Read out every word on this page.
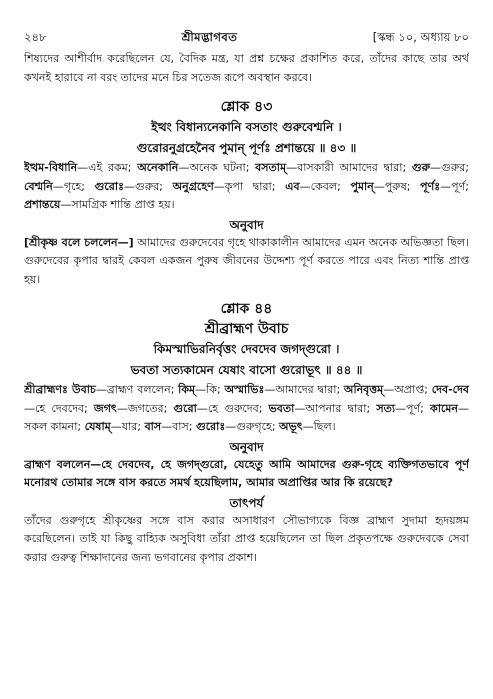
২৪৮	শ্রীমদ্ভাগবত	[স্কন্ধ ১০, অধ্যায় ৮০

শিষ্যদের আশীর্বাদ করেছিলেন যে, বৈদিক মন্ত্র, যা প্রশ্ন চক্ষের প্রকাশিত করে, তাঁদের কাছে তার অর্থ কখনই হারাবে না বরং তাদের মনে চির সতেজ রূপে অবস্থান করবে।

শ্লোক ৪৩

ইত্থং বিধান্যনেকানি বসতাং গুরুবেশ্মনি ।

গুরোরনুগ্রহেনৈব পুমান্ পূর্ণঃ প্রশান্তয়ে ॥ ৪৩ ॥

ইত্থম-বিধানি—এই রকম; অনেকানি—অনেক ঘটনা; বসতাম্—বাসকারী আমাদের দ্বারা; গুরু—গুরুর; বেশ্মনি—গৃহে; গুরোঃ—গুরুর; অনুগ্রহেণ—কৃপা দ্বারা; এব—কেবল; পুমান্—পুরুষ; পূর্ণঃ—পূর্ণ; প্রশান্তয়ে—সামগ্রিক শান্তি প্রাপ্ত হয়।

অনুবাদ

[শ্রীকৃষ্ণ বলে চললেন—] আমাদের গুরুদেবের গৃহে থাকাকালীন আমাদের এমন অনেক অভিজ্ঞতা ছিল। গুরুদেবের কৃপার দ্বারই কেবল একজন পুরুষ জীবনের উদ্দেশ্য পূর্ণ করতে পারে এবং নিত্য শান্তি প্রাপ্ত হয়।

শ্লোক ৪৪

শ্রীব্রাহ্মণ উবাচ

কিমস্মাভিরনির্বৃত্তং দেবদেব জগদ্‌গুরো ।

ভবতা সত্যকামেন যেষাং বাসো গুরোভূৎ ॥ ৪৪ ॥

শ্রীব্রাহ্মণঃ উবাচ—ব্রাহ্মণ বললেন; কিম্—কি; অস্মাভিঃ—আমাদের দ্বারা; অনিবৃত্তম্—অপ্রাপ্ত; দেব-দেব—হে দেবদেব; জগৎ—জগতের; গুরো—হে গুরুদেব; ভবতা—আপনার দ্বারা; সত্য—পূর্ণ; কামেন—সকল কামনা; যেষাম্—যার; বাস—বাস; গুরোঃ—গুরুগৃহে; অভূৎ—ছিল।

অনুবাদ

ব্রাহ্মণ বললেন—হে দেবদেব, হে জগদ্‌গুরো, যেহেতু আমি আমাদের গুরু-গৃহে ব্যক্তিগতভাবে পূর্ণ মনোরথ তোমার সঙ্গে বাস করতে সমর্থ হয়েছিলাম, আমার অপ্রাপ্তির আর কি রয়েছে?

তাৎপর্য

তাঁদের গুরুগৃহে শ্রীকৃষ্ণের সঙ্গে বাস করার অসাধারণ সৌভাগ্যকে বিজ্ঞ ব্রাহ্মণ সুদামা হৃদয়ঙ্গম করেছিলেন। তাই যা কিছু বাহ্যিক অসুবিধা তাঁরা প্রাপ্ত হয়েছিলেন তা ছিল প্রকৃতপক্ষে গুরুদেবকে সেবা করার গুরুত্ব শিক্ষাদানের জন্য ভগবানের কৃপার প্রকাশ।
